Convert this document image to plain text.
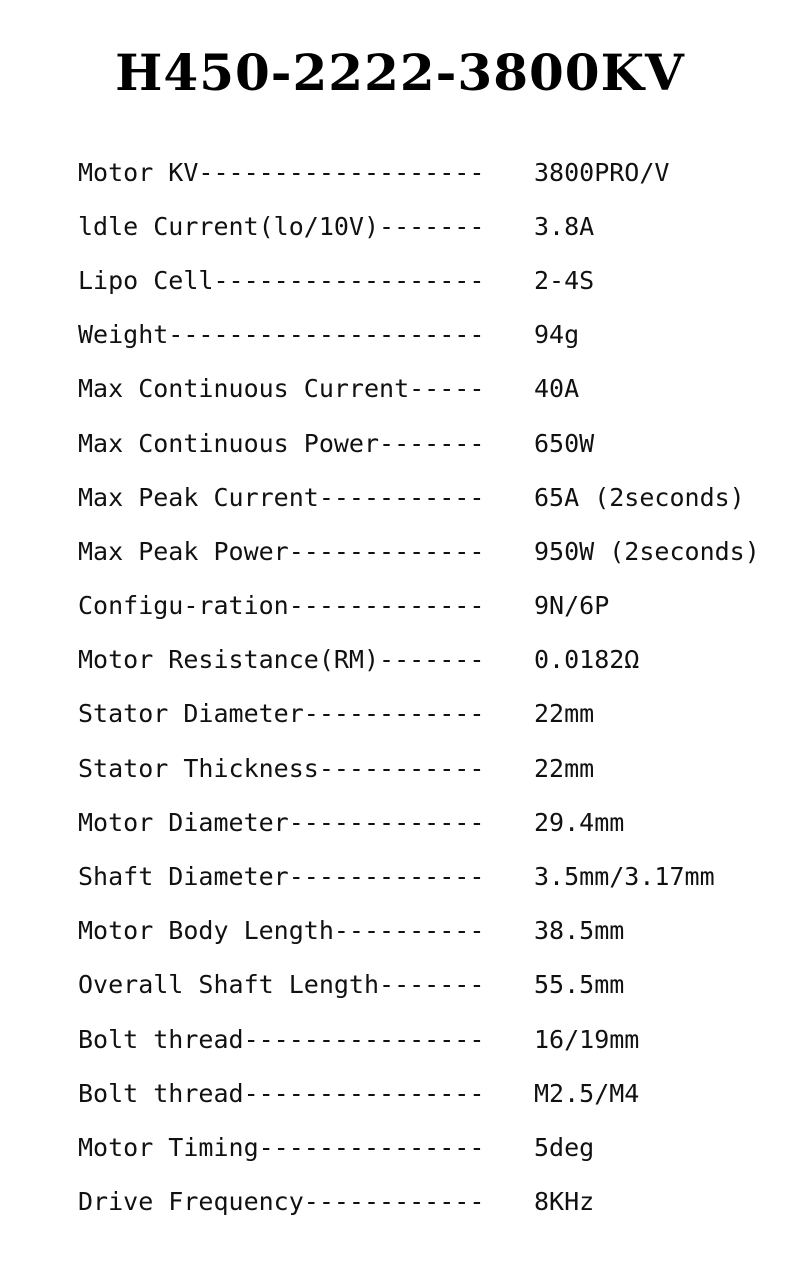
H450-2222-3800KV
Motor KV-------------------	3800PRO/V
ldle Current(lo/10V)-------	3.8A
Lipo Cell------------------	2-4S
Weight---------------------	94g
Max Continuous Current-----	40A
Max Continuous Power-------	650W
Max Peak Current-----------	65A (2seconds)
Max Peak Power-------------	950W (2seconds)
Configu-ration-------------	9N/6P
Motor Resistance(RM)-------	0.0182Ω
Stator Diameter------------	22mm
Stator Thickness-----------	22mm
Motor Diameter-------------	29.4mm
Shaft Diameter-------------	3.5mm/3.17mm
Motor Body Length----------	38.5mm
Overall Shaft Length-------	55.5mm
Bolt thread----------------	16/19mm
Bolt thread----------------	M2.5/M4
Motor Timing---------------	5deg
Drive Frequency------------	8KHz
